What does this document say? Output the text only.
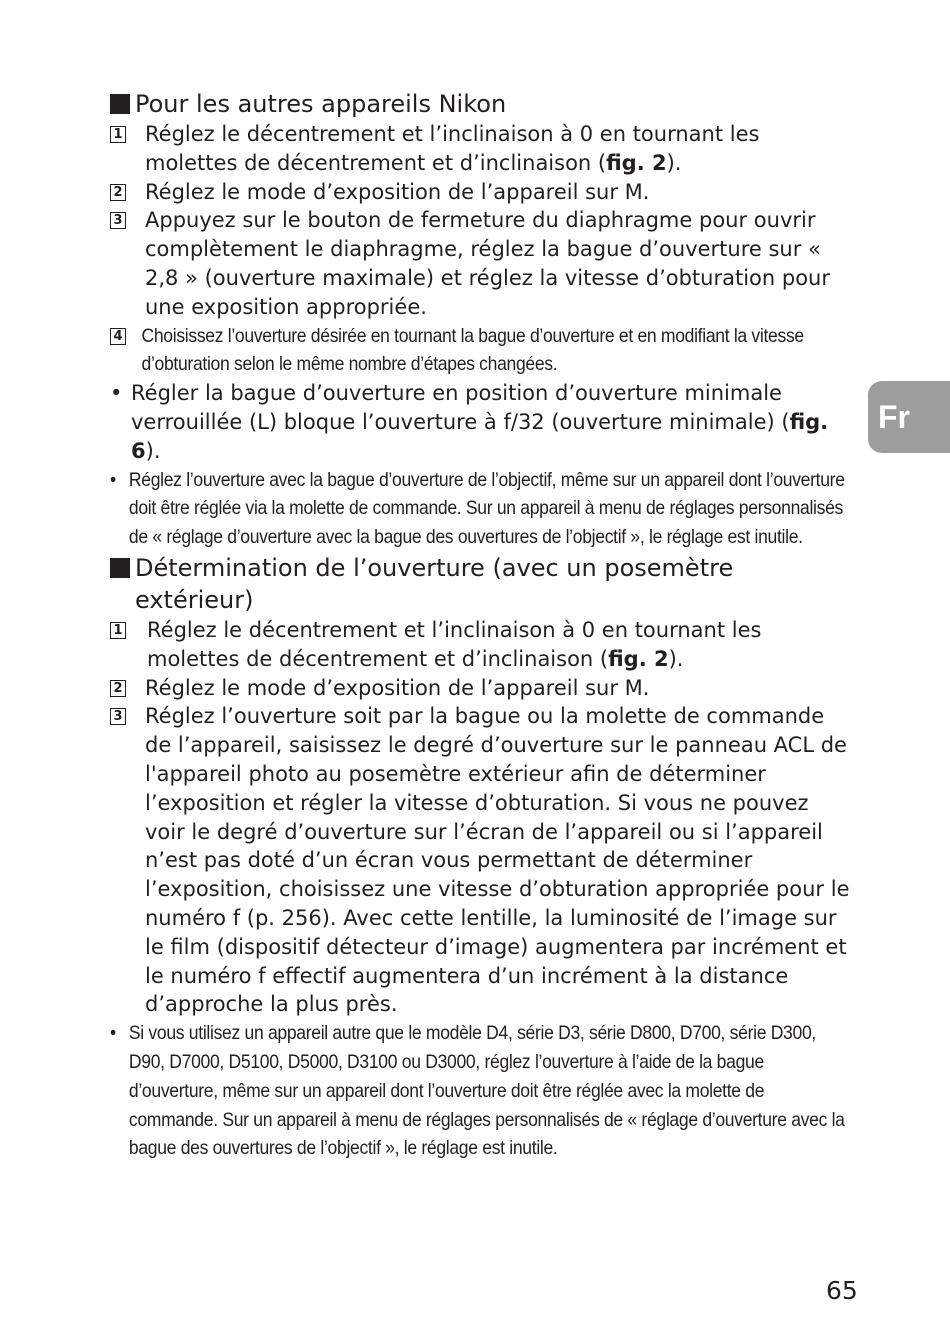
Pour les autres appareils Nikon
1 Réglez le décentrement et l’inclinaison à 0 en tournant les molettes de décentrement et d’inclinaison (fig. 2).
2 Réglez le mode d’exposition de l’appareil sur M.
3 Appuyez sur le bouton de fermeture du diaphragme pour ouvrir complètement le diaphragme, réglez la bague d’ouverture sur « 2,8 » (ouverture maximale) et réglez la vitesse d’obturation pour une exposition appropriée.
4 Choisissez l’ouverture désirée en tournant la bague d’ouverture et en modifiant la vitesse d’obturation selon le même nombre d’étapes changées.
• Régler la bague d’ouverture en position d’ouverture minimale verrouillée (L) bloque l’ouverture à f/32 (ouverture minimale) (fig. 6).
• Réglez l’ouverture avec la bague d’ouverture de l’objectif, même sur un appareil dont l’ouverture doit être réglée via la molette de commande. Sur un appareil à menu de réglages personnalisés de « réglage d’ouverture avec la bague des ouvertures de l’objectif », le réglage est inutile.
Détermination de l’ouverture (avec un posemètre extérieur)
1 Réglez le décentrement et l’inclinaison à 0 en tournant les molettes de décentrement et d’inclinaison (fig. 2).
2 Réglez le mode d’exposition de l’appareil sur M.
3 Réglez l’ouverture soit par la bague ou la molette de commande de l’appareil, saisissez le degré d’ouverture sur le panneau ACL de l'appareil photo au posemètre extérieur afin de déterminer l’exposition et régler la vitesse d’obturation. Si vous ne pouvez voir le degré d’ouverture sur l’écran de l’appareil ou si l’appareil n’est pas doté d’un écran vous permettant de déterminer l’exposition, choisissez une vitesse d’obturation appropriée pour le numéro f (p. 256). Avec cette lentille, la luminosité de l’image sur le film (dispositif détecteur d’image) augmentera par incrément et le numéro f effectif augmentera d’un incrément à la distance d’approche la plus près.
• Si vous utilisez un appareil autre que le modèle D4, série D3, série D800, D700, série D300, D90, D7000, D5100, D5000, D3100 ou D3000, réglez l’ouverture à l’aide de la bague d’ouverture, même sur un appareil dont l’ouverture doit être réglée avec la molette de commande. Sur un appareil à menu de réglages personnalisés de « réglage d’ouverture avec la bague des ouvertures de l’objectif », le réglage est inutile.
Fr
65
